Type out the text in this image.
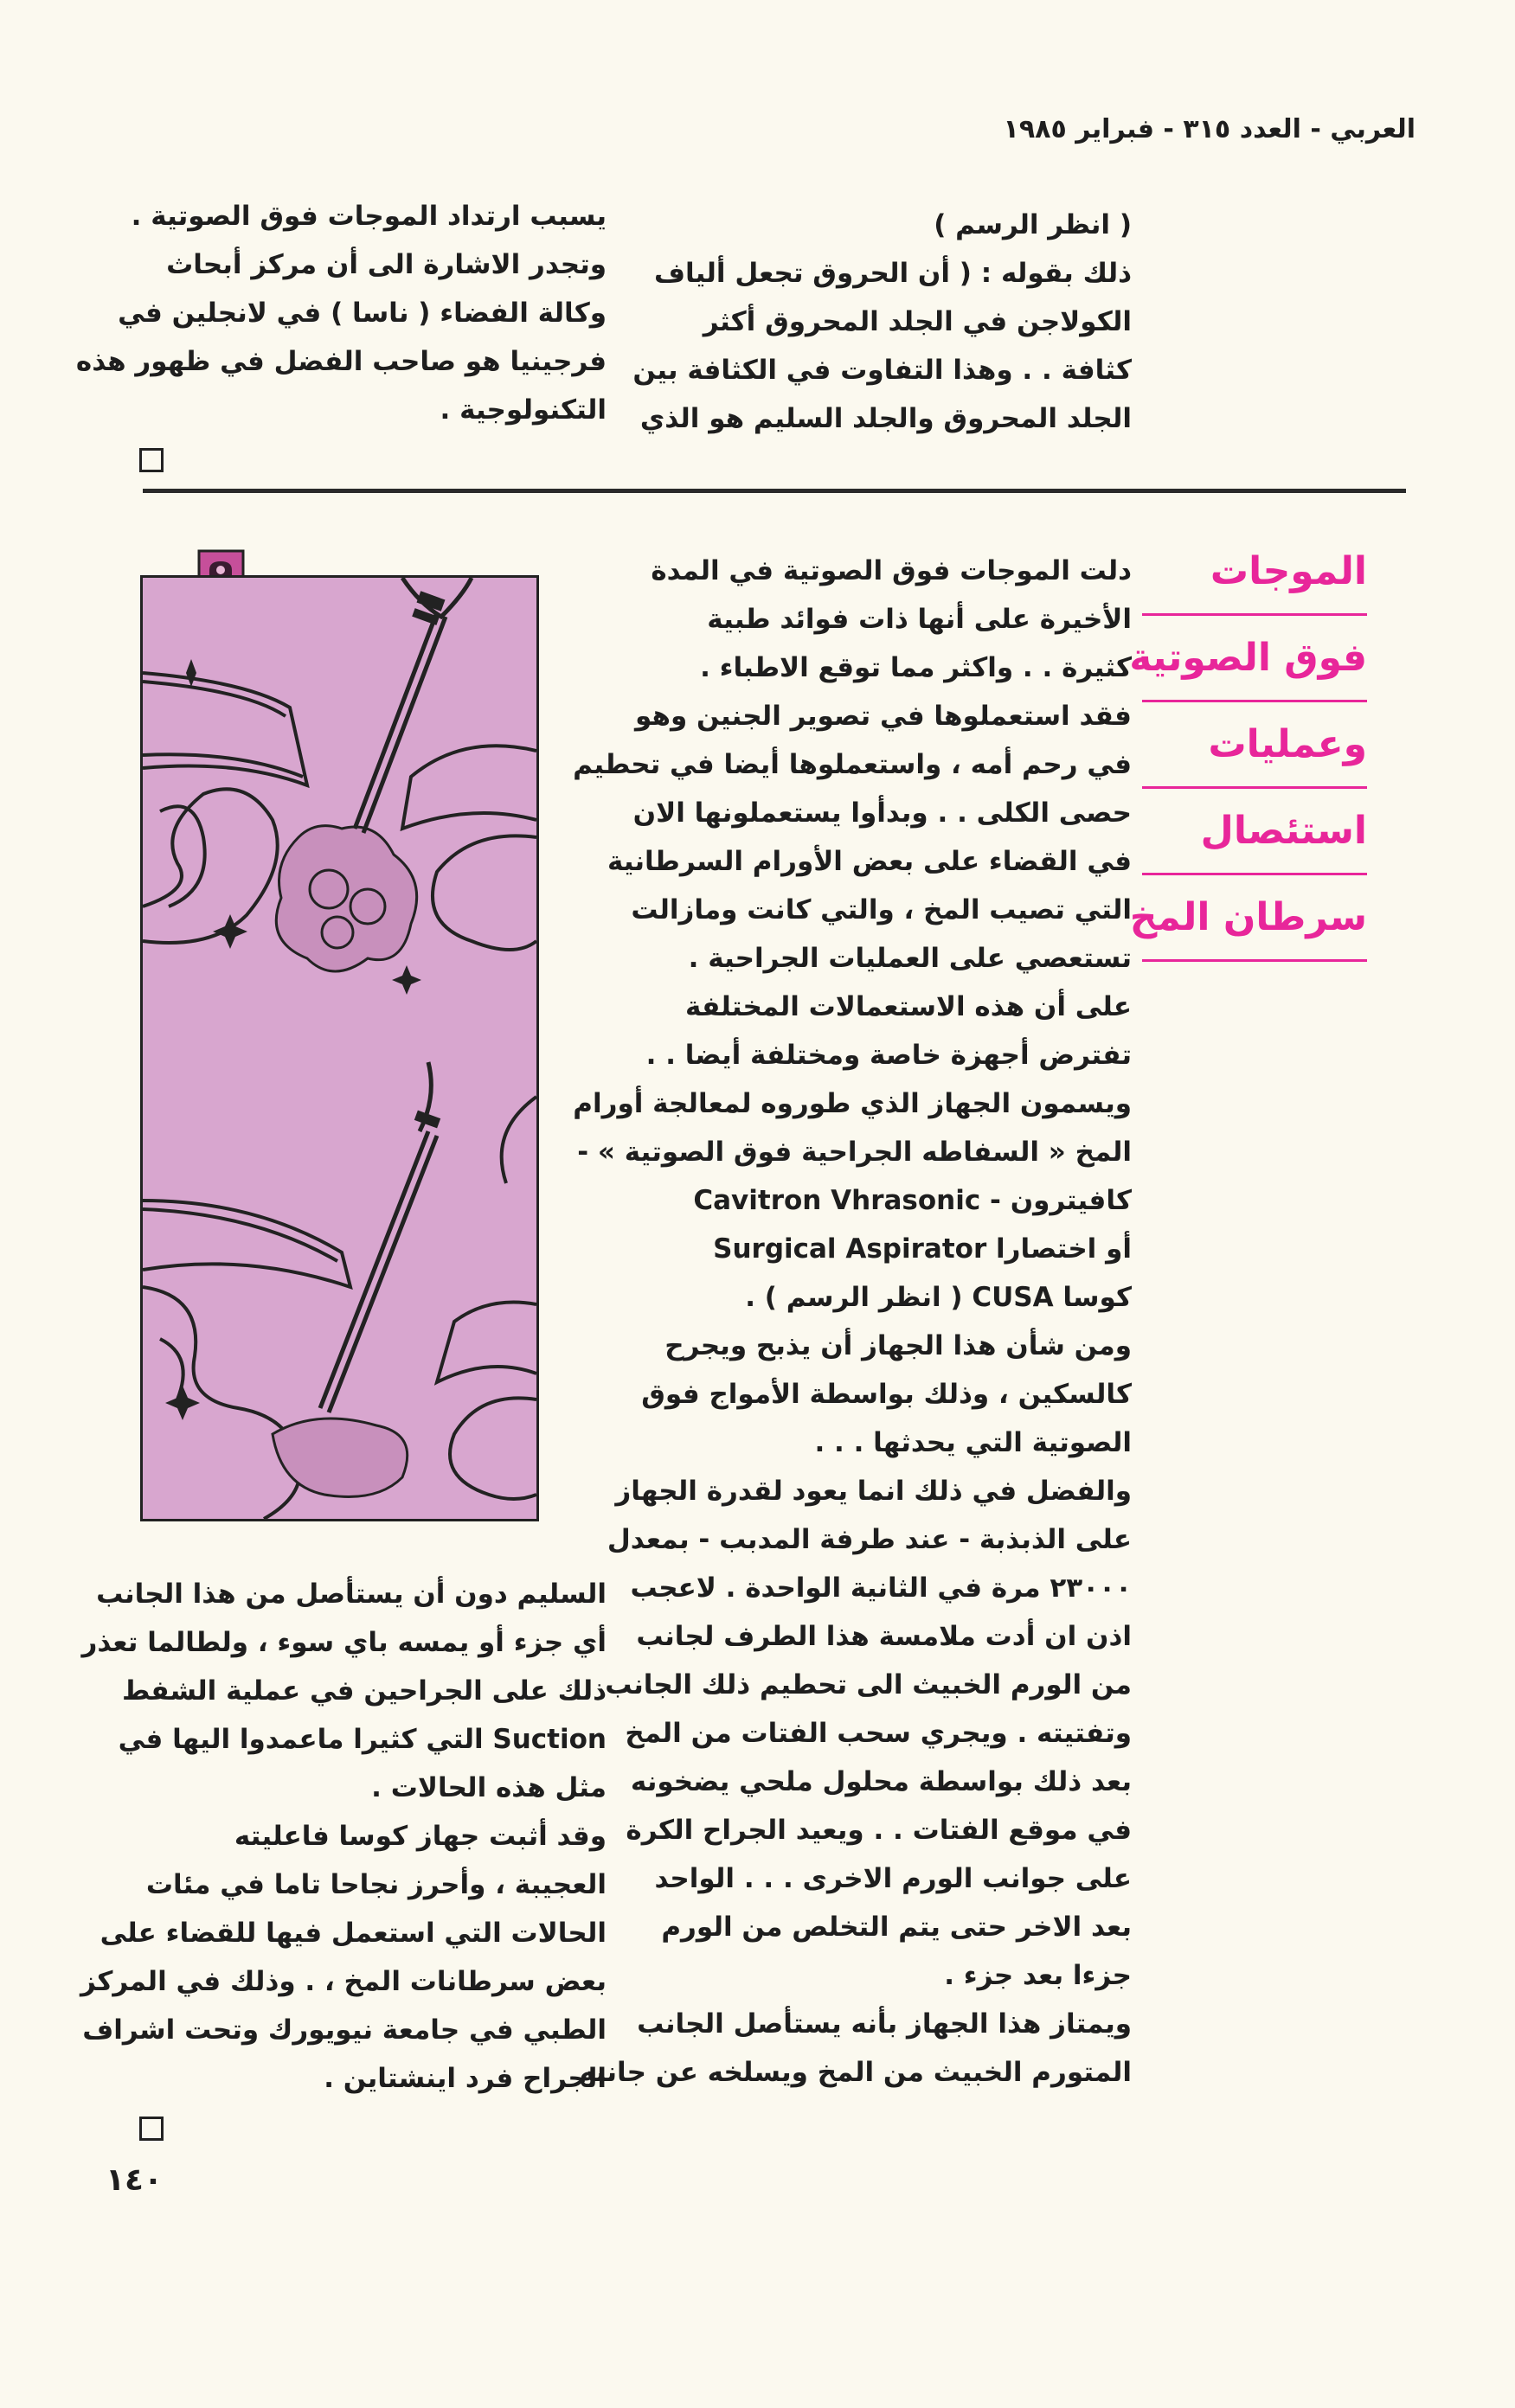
العربي - العدد ٣١٥ - فبراير ١٩٨٥
( انظر الرسم )
ذلك بقوله : ( أن الحروق تجعل ألياف
الكولاجن في الجلد المحروق أكثر
كثافة . . وهذا التفاوت في الكثافة بين
الجلد المحروق والجلد السليم هو الذي
يسبب ارتداد الموجات فوق الصوتية .
وتجدر الاشارة الى أن مركز أبحاث
وكالة الفضاء ( ناسا ) في لانجلين في
فرجينيا هو صاحب الفضل في ظهور هذه
التكنولوجية .
الموجات
فوق الصوتية
وعمليات
استئصال
سرطان المخ
دلت الموجات فوق الصوتية في المدة
الأخيرة على أنها ذات فوائد طبية
كثيرة . . واكثر مما توقع الاطباء .
فقد استعملوها في تصوير الجنين وهو
في رحم أمه ، واستعملوها أيضا في تحطيم
حصى الكلى . . وبدأوا يستعملونها الان
في القضاء على بعض الأورام السرطانية
التي تصيب المخ ، والتي كانت ومازالت
تستعصي على العمليات الجراحية .
على أن هذه الاستعمالات المختلفة
تفترض أجهزة خاصة ومختلفة أيضا . .
ويسمون الجهاز الذي طوروه لمعالجة أورام
المخ « السفاطه الجراحية فوق الصوتية » -
كافيترون - Cavitron Vhrasonic
أو اختصارا Surgical Aspirator
كوسا CUSA ( انظر الرسم ) .
ومن شأن هذا الجهاز أن يذبح ويجرح
كالسكين ، وذلك بواسطة الأمواج فوق
الصوتية التي يحدثها . . .
والفضل في ذلك انما يعود لقدرة الجهاز
على الذبذبة - عند طرفة المدبب - بمعدل
٢٣٠٠٠ مرة في الثانية الواحدة . لاعجب
اذن ان أدت ملامسة هذا الطرف لجانب
من الورم الخبيث الى تحطيم ذلك الجانب
وتفتيته . ويجري سحب الفتات من المخ
بعد ذلك بواسطة محلول ملحي يضخونه
في موقع الفتات . . ويعيد الجراح الكرة
على جوانب الورم الاخرى . . . الواحد
بعد الاخر حتى يتم التخلص من الورم
جزءا بعد جزء .
ويمتاز هذا الجهاز بأنه يستأصل الجانب
المتورم الخبيث من المخ ويسلخه عن جانبه
السليم دون أن يستأصل من هذا الجانب
أي جزء أو يمسه باي سوء ، ولطالما تعذر
ذلك على الجراحين في عملية الشفط
Suction التي كثيرا ماعمدوا اليها في
مثل هذه الحالات .
وقد أثبت جهاز كوسا فاعليته
العجيبة ، وأحرز نجاحا تاما في مئات
الحالات التي استعمل فيها للقضاء على
بعض سرطانات المخ ، . وذلك في المركز
الطبي في جامعة نيويورك وتحت اشراف
الجراح فرد اينشتاين .
١٤٠
